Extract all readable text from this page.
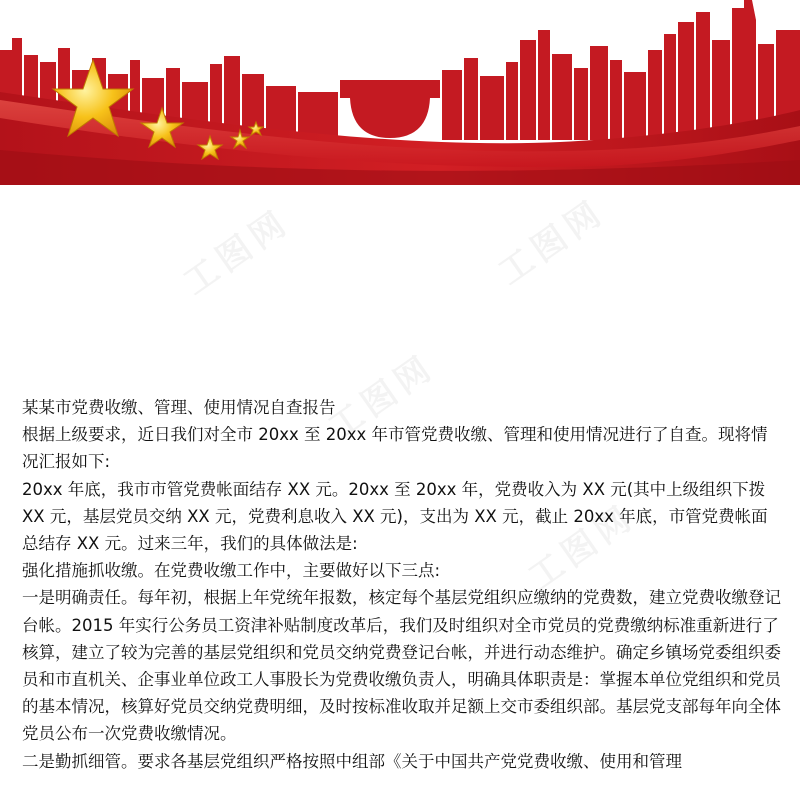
工图网	工图网
工图网
工图网

某某市党费收缴、管理、使用情况自查报告

根据上级要求，近日我们对全市 20xx 至 20xx 年市管党费收缴、管理和使用情况进行了自查。现将情况汇报如下:

20xx 年底，我市市管党费帐面结存 XX 元。20xx 至 20xx 年，党费收入为 XX 元(其中上级组织下拨 XX 元，基层党员交纳 XX 元，党费利息收入 XX 元)，支出为 XX 元，截止 20xx 年底，市管党费帐面总结存 XX 元。过来三年，我们的具体做法是:

强化措施抓收缴。在党费收缴工作中，主要做好以下三点:

一是明确责任。每年初，根据上年党统年报数，核定每个基层党组织应缴纳的党费数，建立党费收缴登记台帐。2015 年实行公务员工资津补贴制度改革后，我们及时组织对全市党员的党费缴纳标准重新进行了核算，建立了较为完善的基层党组织和党员交纳党费登记台帐，并进行动态维护。确定乡镇场党委组织委员和市直机关、企事业单位政工人事股长为党费收缴负责人，明确具体职责是：掌握本单位党组织和党员的基本情况，核算好党员交纳党费明细，及时按标准收取并足额上交市委组织部。基层党支部每年向全体党员公布一次党费收缴情况。

二是勤抓细管。要求各基层党组织严格按照中组部《关于中国共产党党费收缴、使用和管理
